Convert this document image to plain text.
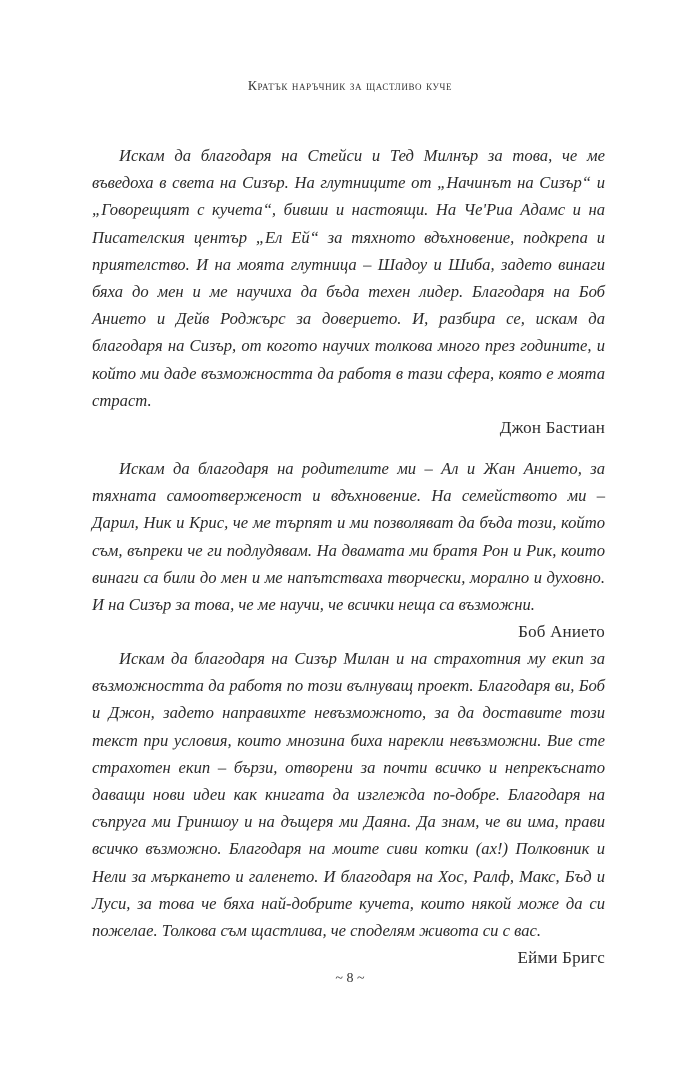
Кратък наръчник за щастливо куче

Искам да благодаря на Стейси и Тед Милнър за това, че ме въведоха в света на Сизър. На глутниците от „Начинът на Сизър“ и „Говорещият с кучета“, бивши и настоящи. На Че'Риа Адамс и на Писателския център „Ел Ей“ за тяхното вдъхновение, подкрепа и приятелство. И на моята глутница – Шадоу и Шиба, задето винаги бяха до мен и ме научиха да бъда техен лидер. Благодаря на Боб Анието и Дейв Роджърс за доверието. И, разбира се, искам да благодаря на Сизър, от когото научих толкова много през годините, и който ми даде възможността да работя в тази сфера, която е моята страст.

Джон Бастиан

Искам да благодаря на родителите ми – Ал и Жан Анието, за тяхната самоотверженост и вдъхновение. На семейството ми – Дарил, Ник и Крис, че ме търпят и ми позволяват да бъда този, който съм, въпреки че ги подлудявам. На двамата ми братя Рон и Рик, които винаги са били до мен и ме напътстваха творчески, морално и духовно. И на Сизър за това, че ме научи, че всички неща са възможни.

Боб Анието

Искам да благодаря на Сизър Милан и на страхотния му екип за възможността да работя по този вълнуващ проект. Благодаря ви, Боб и Джон, задето направихте невъзможното, за да доставите този текст при условия, които мнозина биха нарекли невъзможни. Вие сте страхотен екип – бързи, отворени за почти всичко и непрекъснато даващи нови идеи как книгата да изглежда по-добре. Благодаря на съпруга ми Гриншоу и на дъщеря ми Даяна. Да знам, че ви има, прави всичко възможно. Благодаря на моите сиви котки (ах!) Полковник и Нели за мъркането и галенето. И благодаря на Хос, Ралф, Макс, Бъд и Луси, за това че бяха най-добрите кучета, които някой може да си пожелае. Толкова съм щастлива, че споделям живота си с вас.

Ейми Бригс
~ 8 ~
